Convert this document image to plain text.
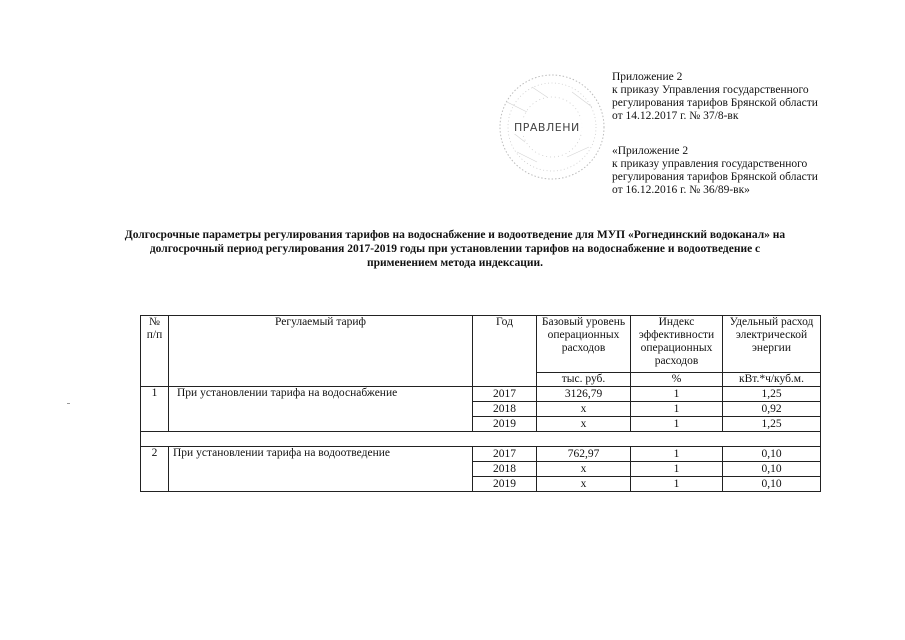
ПРАВЛЕНИ
Приложение 2
к приказу Управления государственного
регулирования тарифов Брянской области
от 14.12.2017 г. № 37/8-вк
«Приложение 2
к приказу управления государственного
регулирования тарифов Брянской области
от 16.12.2016 г. № 36/89-вк»
Долгосрочные параметры регулирования тарифов на водоснабжение и водоотведение для МУП «Рогнединский водоканал» на
долгосрочный период регулирования 2017-2019 годы при установлении тарифов на водоснабжение и водоотведение с
применением метода индексации.
№ п/п	Регулаемый тариф	Год	Базовый уровень операционных расходов	Индекс эффективности операционных расходов	Удельный расход электрической энергии
			тыс. руб.	%	кВт.*ч/куб.м.
1	При установлении тарифа на водоснабжение	2017	3126,79	1	1,25
		2018	х	1	0,92
		2019	х	1	1,25

2	При установлении тарифа на водоотведение	2017	762,97	1	0,10
		2018	х	1	0,10
		2019	х	1	0,10
